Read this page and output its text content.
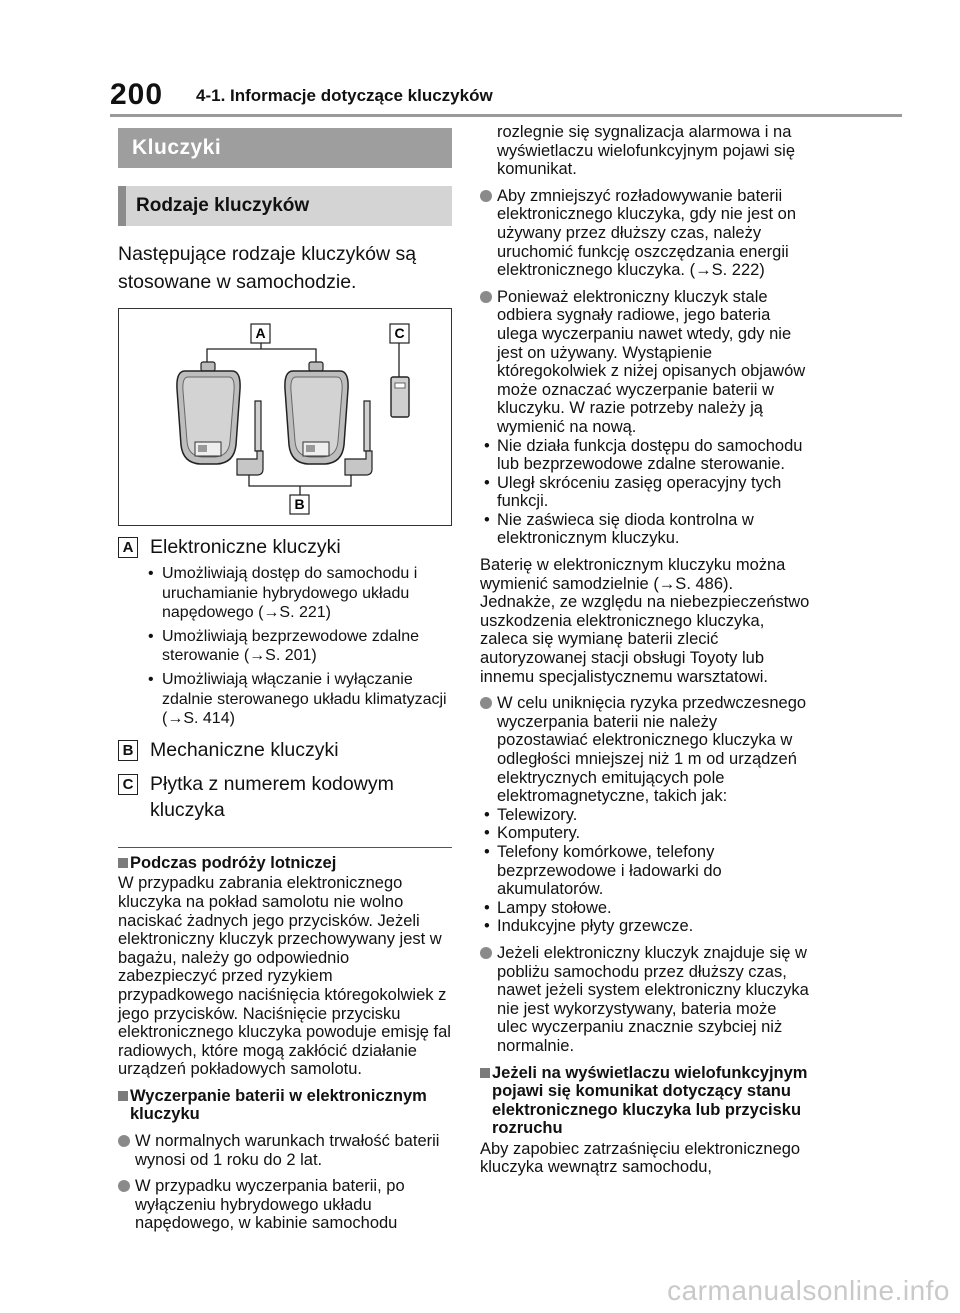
200 4-1. Informacje dotyczące kluczyków
Kluczyki
Rodzaje kluczyków
Następujące rodzaje kluczyków są stosowane w samochodzie.
A	C
B
A Elektroniczne kluczyki
• Umożliwiają dostęp do samochodu i uruchamianie hybrydowego układu napędowego (→S. 221)
• Umożliwiają bezprzewodowe zdalne sterowanie (→S. 201)
• Umożliwiają włączanie i wyłączanie zdalnie sterowanego układu klimatyzacji (→S. 414)
B Mechaniczne kluczyki
C Płytka z numerem kodowym kluczyka
Podczas podróży lotniczej
W przypadku zabrania elektronicznego kluczyka na pokład samolotu nie wolno naciskać żadnych jego przycisków. Jeżeli elektroniczny kluczyk przechowywany jest w bagażu, należy go odpowiednio zabezpieczyć przed ryzykiem przypadkowego naciśnięcia któregokolwiek z jego przycisków. Naciśnięcie przycisku elektronicznego kluczyka powoduje emisję fal radiowych, które mogą zakłócić działanie urządzeń pokładowych samolotu.
Wyczerpanie baterii w elektronicznym kluczyku
W normalnych warunkach trwałość baterii wynosi od 1 roku do 2 lat.
W przypadku wyczerpania baterii, po wyłączeniu hybrydowego układu napędowego, w kabinie samochodu
rozlegnie się sygnalizacja alarmowa i na wyświetlaczu wielofunkcyjnym pojawi się komunikat.
Aby zmniejszyć rozładowywanie baterii elektronicznego kluczyka, gdy nie jest on używany przez dłuższy czas, należy uruchomić funkcję oszczędzania energii elektronicznego kluczyka. (→S. 222)
Ponieważ elektroniczny kluczyk stale odbiera sygnały radiowe, jego bateria ulega wyczerpaniu nawet wtedy, gdy nie jest on używany. Wystąpienie któregokolwiek z niżej opisanych objawów może oznaczać wyczerpanie baterii w kluczyku. W razie potrzeby należy ją wymienić na nową.
• Nie działa funkcja dostępu do samochodu lub bezprzewodowe zdalne sterowanie.
• Uległ skróceniu zasięg operacyjny tych funkcji.
• Nie zaświeca się dioda kontrolna w elektronicznym kluczyku.
Baterię w elektronicznym kluczyku można wymienić samodzielnie (→S. 486). Jednakże, ze względu na niebezpieczeństwo uszkodzenia elektronicznego kluczyka, zaleca się wymianę baterii zlecić autoryzowanej stacji obsługi Toyoty lub innemu specjalistycznemu warsztatowi.
W celu uniknięcia ryzyka przedwczesnego wyczerpania baterii nie należy pozostawiać elektronicznego kluczyka w odległości mniejszej niż 1 m od urządzeń elektrycznych emitujących pole elektromagnetyczne, takich jak:
• Telewizory.
• Komputery.
• Telefony komórkowe, telefony bezprzewodowe i ładowarki do akumulatorów.
• Lampy stołowe.
• Indukcyjne płyty grzewcze.
Jeżeli elektroniczny kluczyk znajduje się w pobliżu samochodu przez dłuższy czas, nawet jeżeli system elektroniczny kluczyka nie jest wykorzystywany, bateria może ulec wyczerpaniu znacznie szybciej niż normalnie.
Jeżeli na wyświetlaczu wielofunkcyjnym pojawi się komunikat dotyczący stanu elektronicznego kluczyka lub przycisku rozruchu
Aby zapobiec zatrzaśnięciu elektronicznego kluczyka wewnątrz samochodu,
carmanualsonline.info
